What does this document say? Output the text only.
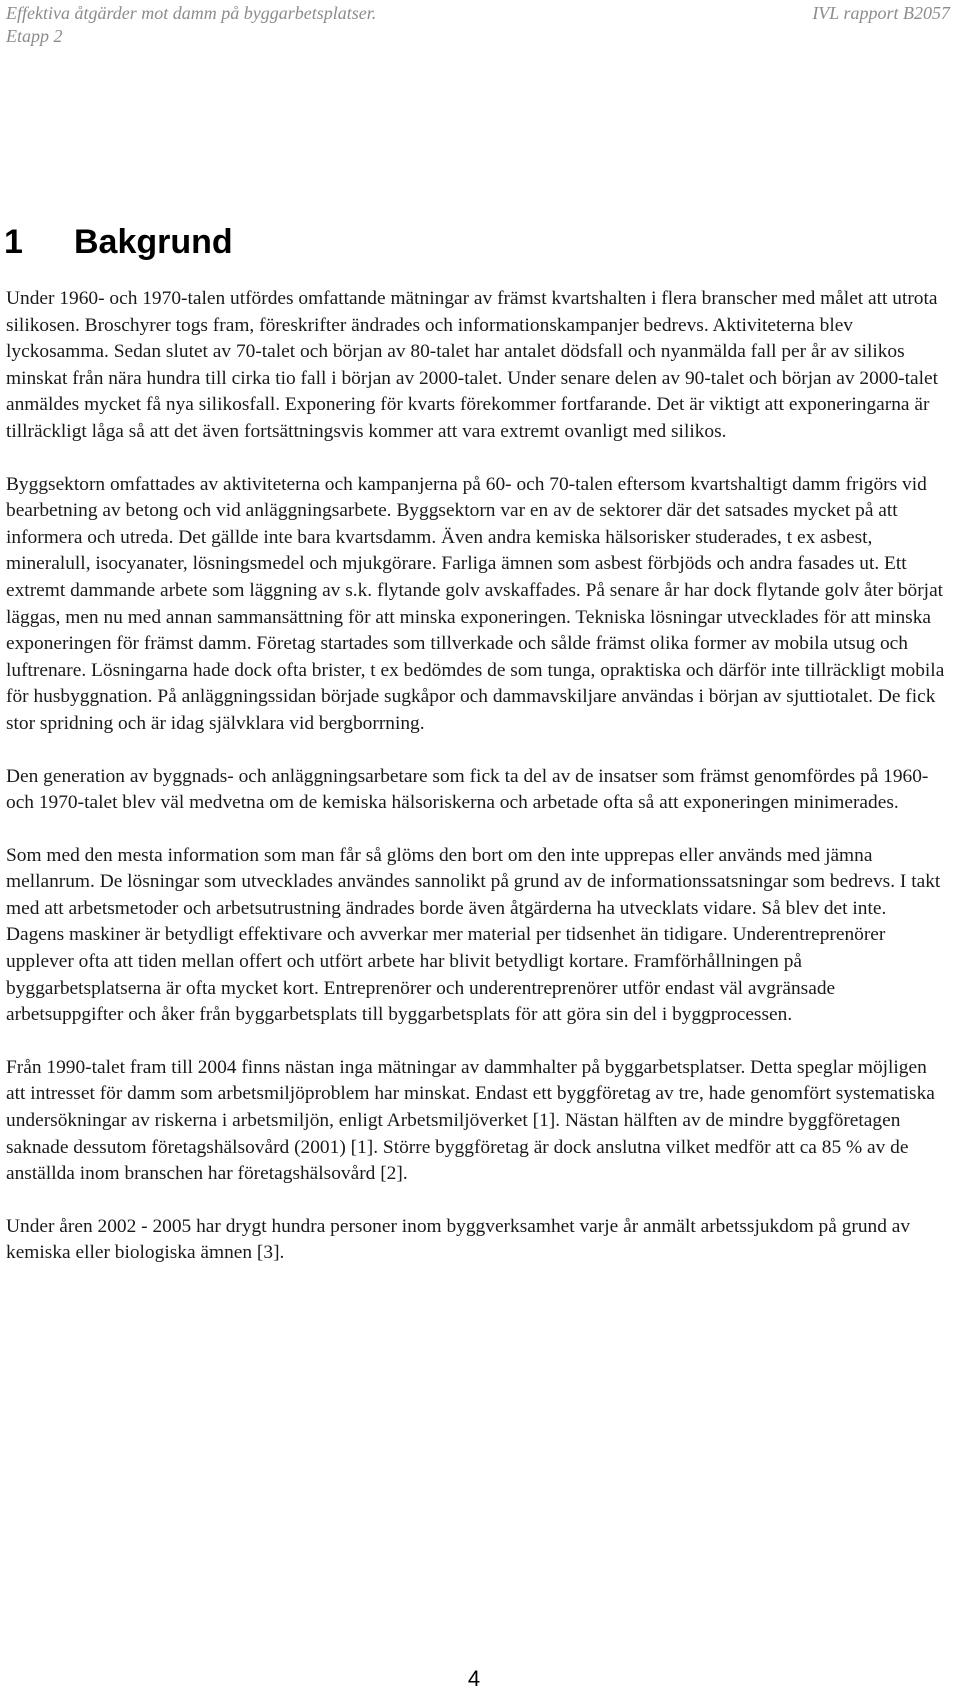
Effektiva åtgärder mot damm på byggarbetsplatser.
Etapp 2
IVL rapport B2057
1 Bakgrund

Under 1960- och 1970-talen utfördes omfattande mätningar av främst kvartshalten i flera branscher med målet att utrota silikosen. Broschyrer togs fram, föreskrifter ändrades och informationskampanjer bedrevs. Aktiviteterna blev lyckosamma. Sedan slutet av 70-talet och början av 80-talet har antalet dödsfall och nyanmälda fall per år av silikos minskat från nära hundra till cirka tio fall i början av 2000-talet. Under senare delen av 90-talet och början av 2000-talet anmäldes mycket få nya silikosfall. Exponering för kvarts förekommer fortfarande. Det är viktigt att exponeringarna är tillräckligt låga så att det även fortsättningsvis kommer att vara extremt ovanligt med silikos.

Byggsektorn omfattades av aktiviteterna och kampanjerna på 60- och 70-talen eftersom kvartshaltigt damm frigörs vid bearbetning av betong och vid anläggningsarbete. Byggsektorn var en av de sektorer där det satsades mycket på att informera och utreda. Det gällde inte bara kvartsdamm. Även andra kemiska hälsorisker studerades, t ex asbest, mineralull, isocyanater, lösningsmedel och mjukgörare. Farliga ämnen som asbest förbjöds och andra fasades ut. Ett extremt dammande arbete som läggning av s.k. flytande golv avskaffades. På senare år har dock flytande golv åter börjat läggas, men nu med annan sammansättning för att minska exponeringen. Tekniska lösningar utvecklades för att minska exponeringen för främst damm. Företag startades som tillverkade och sålde främst olika former av mobila utsug och luftrenare. Lösningarna hade dock ofta brister, t ex bedömdes de som tunga, opraktiska och därför inte tillräckligt mobila för husbyggnation. På anläggningssidan började sugkåpor och dammavskiljare användas i början av sjuttiotalet. De fick stor spridning och är idag självklara vid bergborrning.

Den generation av byggnads- och anläggningsarbetare som fick ta del av de insatser som främst genomfördes på 1960- och 1970-talet blev väl medvetna om de kemiska hälsoriskerna och arbetade ofta så att exponeringen minimerades.

Som med den mesta information som man får så glöms den bort om den inte upprepas eller används med jämna mellanrum. De lösningar som utvecklades användes sannolikt på grund av de informationssatsningar som bedrevs. I takt med att arbetsmetoder och arbetsutrustning ändrades borde även åtgärderna ha utvecklats vidare. Så blev det inte. Dagens maskiner är betydligt effektivare och avverkar mer material per tidsenhet än tidigare. Underentreprenörer upplever ofta att tiden mellan offert och utfört arbete har blivit betydligt kortare. Framförhållningen på byggarbetsplatserna är ofta mycket kort. Entreprenörer och underentreprenörer utför endast väl avgränsade arbetsuppgifter och åker från byggarbetsplats till byggarbetsplats för att göra sin del i byggprocessen.

Från 1990-talet fram till 2004 finns nästan inga mätningar av dammhalter på byggarbetsplatser. Detta speglar möjligen att intresset för damm som arbetsmiljöproblem har minskat. Endast ett byggföretag av tre, hade genomfört systematiska undersökningar av riskerna i arbetsmiljön, enligt Arbetsmiljöverket [1]. Nästan hälften av de mindre byggföretagen saknade dessutom företagshälsovård (2001) [1]. Större byggföretag är dock anslutna vilket medför att ca 85 % av de anställda inom branschen har företagshälsovård [2].

Under åren 2002 - 2005 har drygt hundra personer inom byggverksamhet varje år anmält arbetssjukdom på grund av kemiska eller biologiska ämnen [3].

4
